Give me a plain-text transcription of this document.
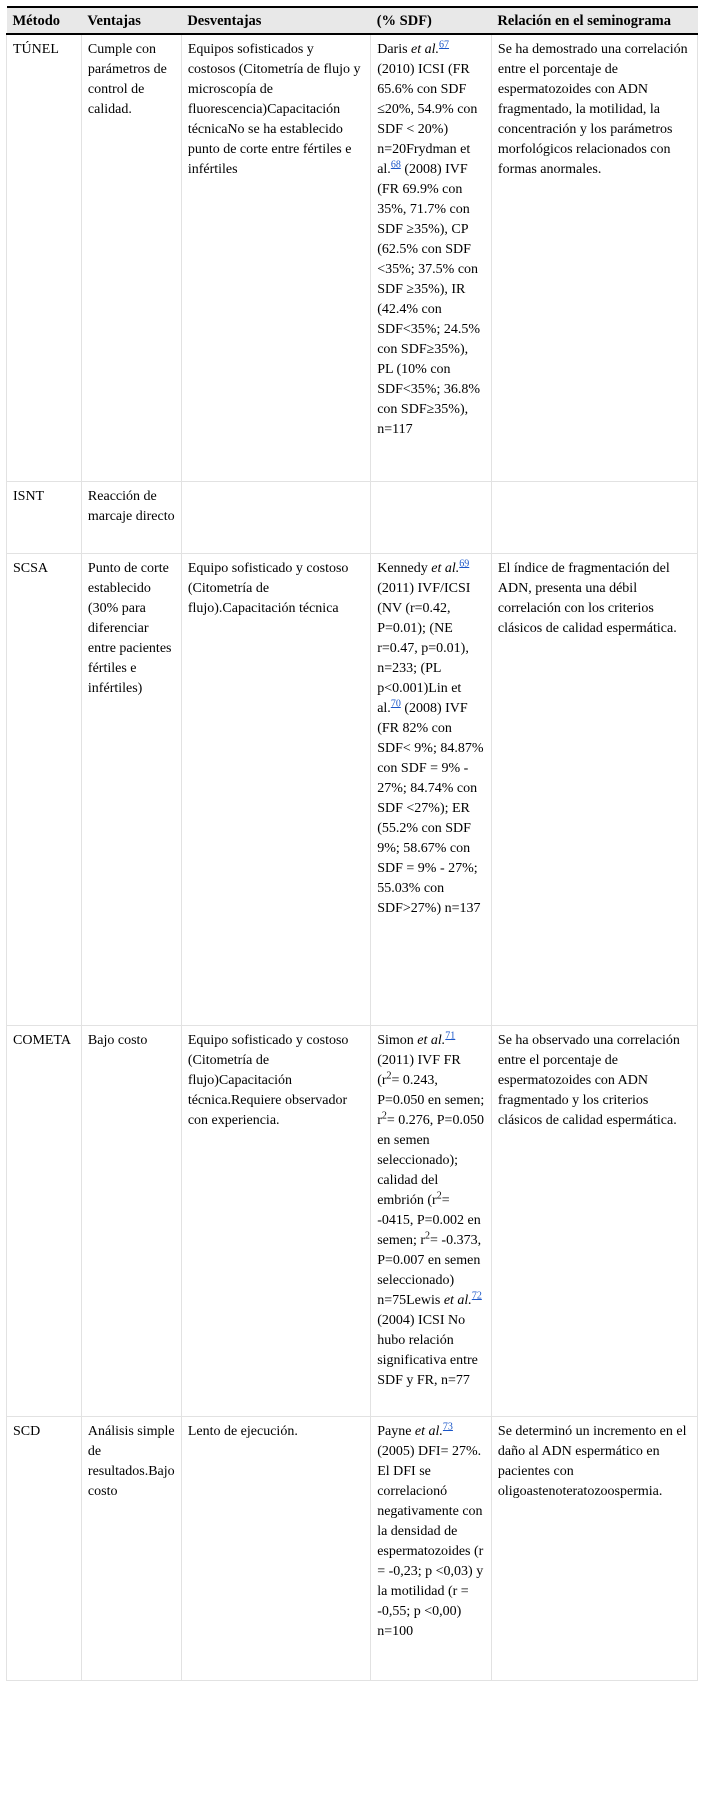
Método	Ventajas	Desventajas	(% SDF)	Relación en el seminograma
TÚNEL	Cumple con parámetros de control de calidad.	Equipos sofisticados y costosos (Citometría de flujo y microscopía de fluorescencia)Capacitación técnicaNo se ha establecido punto de corte entre fértiles e infértiles	Daris et al.$^{67}$ (2010) ICSI (FR 65.6% con SDF ≤20%, 54.9% con SDF < 20%) n=20Frydman et al.$^{68}$ (2008) IVF (FR 69.9% con 35%, 71.7% con SDF ≥35%), CP (62.5% con SDF <35%; 37.5% con SDF ≥35%), IR (42.4% con SDF<35%; 24.5% con SDF≥35%), PL (10% con SDF<35%; 36.8% con SDF≥35%), n=117	Se ha demostrado una correlación entre el porcentaje de espermatozoides con ADN fragmentado, la motilidad, la concentración y los parámetros morfológicos relacionados con formas anormales.
ISNT	Reacción de marcaje directo			
SCSA	Punto de corte establecido (30% para diferenciar entre pacientes fértiles e infértiles)	Equipo sofisticado y costoso (Citometría de flujo).Capacitación técnica	Kennedy et al.$^{69}$ (2011) IVF/ICSI (NV (r=0.42, P=0.01); (NE r=0.47, p=0.01), n=233; (PL p<0.001)Lin et al.$^{70}$ (2008) IVF (FR 82% con SDF< 9%; 84.87% con SDF = 9% - 27%; 84.74% con SDF <27%); ER (55.2% con SDF 9%; 58.67% con SDF = 9% - 27%; 55.03% con SDF>27%) n=137	El índice de fragmentación del ADN, presenta una débil correlación con los criterios clásicos de calidad espermática.
COMETA	Bajo costo	Equipo sofisticado y costoso (Citometría de flujo)Capacitación técnica.Requiere observador con experiencia.	Simon et al.$^{71}$ (2011) IVF FR ($r^2= 0.243$, P=0.050 en semen; $r^2= 0.276$, P=0.050 en semen seleccionado); calidad del embrión ($r^2= -0415$, P=0.002 en semen; $r^2= -0.373$, P=0.007 en semen seleccionado) n=75Lewis et al.$^{72}$ (2004) ICSI No hubo relación significativa entre SDF y FR, n=77	Se ha observado una correlación entre el porcentaje de espermatozoides con ADN fragmentado y los criterios clásicos de calidad espermática.
SCD	Análisis simple de resultados.Bajo costo	Lento de ejecución.	Payne et al.$^{73}$ (2005) DFI= 27%. El DFI se correlacionó negativamente con la densidad de espermatozoides (r = -0,23; p <0,03) y la motilidad (r = -0,55; p <0,00) n=100	Se determinó un incremento en el daño al ADN espermático en pacientes con oligoastenoteratozoospermia.
